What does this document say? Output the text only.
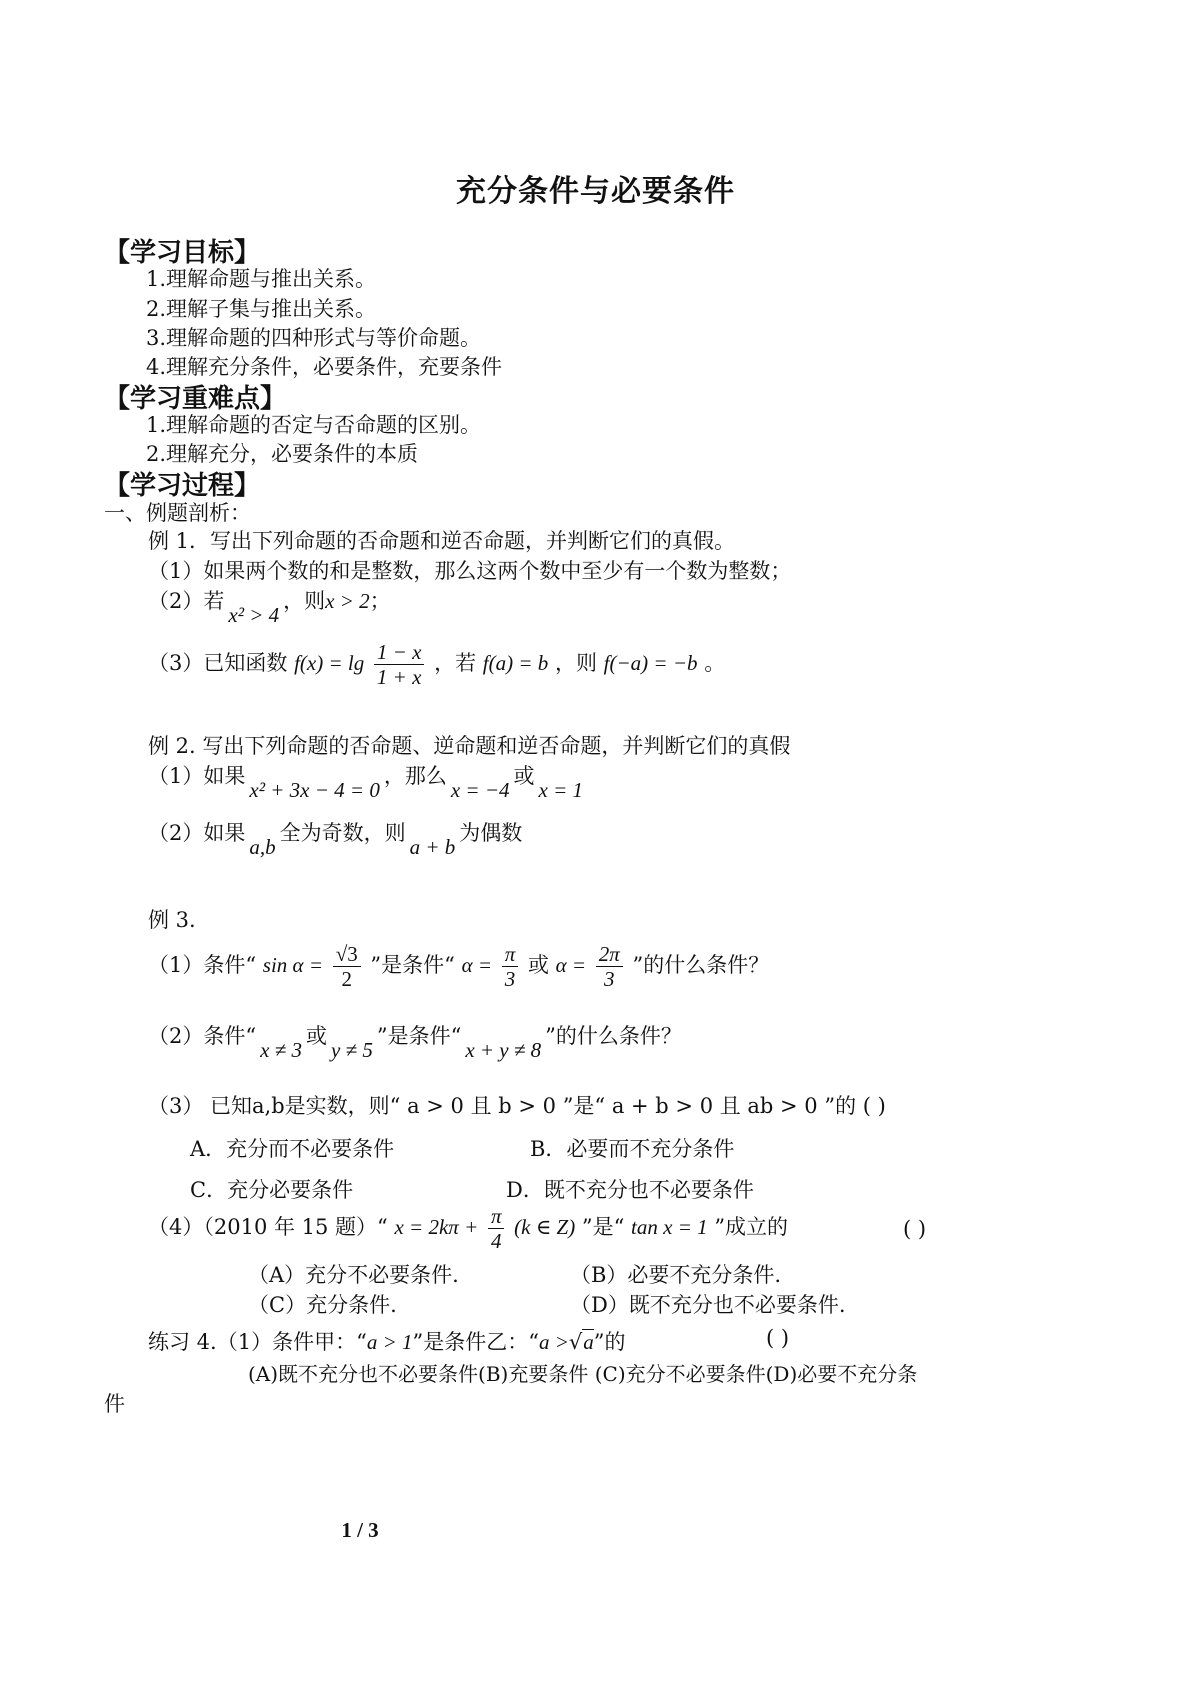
充分条件与必要条件
【学习目标】
1.理解命题与推出关系。
2.理解子集与推出关系。
3.理解命题的四种形式与等价命题。
4.理解充分条件，必要条件，充要条件
【学习重难点】
1.理解命题的否定与否命题的区别。
2.理解充分，必要条件的本质
【学习过程】
一、例题剖析：
例 1．写出下列命题的否命题和逆否命题，并判断它们的真假。
（1）如果两个数的和是整数，那么这两个数中至少有一个数为整数；
（2）若x² > 4，则x > 2；
（3）已知函数 $f(x) = \lg \frac{1 - x}{1 + x}$ ，若 f(a) = b ，则 f(−a) = −b 。
例 2. 写出下列命题的否命题、逆命题和逆否命题，并判断它们的真假
（1）如果x² + 3x − 4 = 0，那么x = −4或x = 1
（2）如果a,b全为奇数，则a + b为偶数
例 3.
（1）条件“ $\sin \alpha = \frac{√3}{2}$ ”是条件“ $\alpha = \frac{\pi}{3}$ 或 $\alpha = \frac{2\pi}{3}$ ”的什么条件？
（2）条件“x ≠ 3或y ≠ 5”是条件“x + y ≠ 8”的什么条件？
（3） 已知a,b是实数，则“ a > 0 且 b > 0 ”是“ a + b > 0 且 ab > 0 ”的 ( )
A．充分而不必要条件	B．必要而不充分条件
C．充分必要条件	D．既不充分也不必要条件
（4）（2010 年 15 题）“ $x = 2k\pi + \frac{\pi}{4} (k$ ∈ Z) ”是“ tan x = 1 ”成立的	( )
（A）充分不必要条件.	（B）必要不充分条件.
（C）充分条件.	（D）既不充分也不必要条件.
练习 4.（1）条件甲：“a > 1”是条件乙：“a >√a”的	( )
(A)既不充分也不必要条件(B)充要条件 (C)充分不必要条件(D)必要不充分条
件
1 / 3
